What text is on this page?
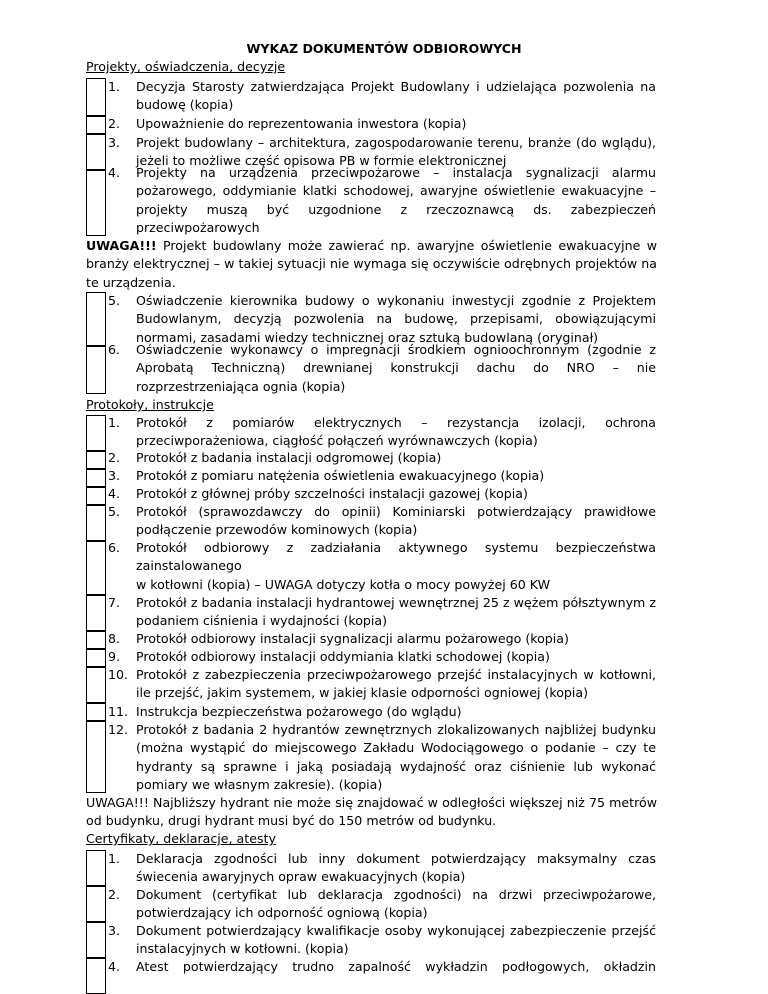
WYKAZ DOKUMENTÓW ODBIOROWYCH
Projekty, oświadczenia, decyzje
1.	Decyzja Starosty zatwierdzająca Projekt Budowlany i udzielająca pozwolenia na budowę (kopia)
2.	Upoważnienie do reprezentowania inwestora (kopia)
3.	Projekt budowlany – architektura, zagospodarowanie terenu, branże (do wglądu), jeżeli to możliwe część opisowa PB w formie elektronicznej
4.	Projekty na urządzenia przeciwpożarowe – instalacja sygnalizacji alarmu pożarowego, oddymianie klatki schodowej, awaryjne oświetlenie ewakuacyjne – projekty muszą być uzgodnione z rzeczoznawcą ds. zabezpieczeń przeciwpożarowych
UWAGA!!! Projekt budowlany może zawierać np. awaryjne oświetlenie ewakuacyjne w branży elektrycznej – w takiej sytuacji nie wymaga się oczywiście odrębnych projektów na te urządzenia.
5.	Oświadczenie kierownika budowy o wykonaniu inwestycji zgodnie z Projektem Budowlanym, decyzją pozwolenia na budowę, przepisami, obowiązującymi normami, zasadami wiedzy technicznej oraz sztuką budowlaną (oryginał)
6.	Oświadczenie wykonawcy o impregnacji środkiem ognioochronnym (zgodnie z Aprobatą Techniczną) drewnianej konstrukcji dachu do NRO – nie rozprzestrzeniająca ognia (kopia)
Protokoły, instrukcje
1.	Protokół z pomiarów elektrycznych – rezystancja izolacji, ochrona przeciwporażeniowa, ciągłość połączeń wyrównawczych (kopia)
2.	Protokół z badania instalacji odgromowej (kopia)
3.	Protokół z pomiaru natężenia oświetlenia ewakuacyjnego (kopia)
4.	Protokół z głównej próby szczelności instalacji gazowej (kopia)
5.	Protokół (sprawozdawczy do opinii) Kominiarski potwierdzający prawidłowe podłączenie przewodów kominowych (kopia)
6.	Protokół odbiorowy z zadziałania aktywnego systemu bezpieczeństwa zainstalowanego
w kotłowni (kopia) – UWAGA dotyczy kotła o mocy powyżej 60 KW
7.	Protokół z badania instalacji hydrantowej wewnętrznej 25 z wężem półsztywnym z podaniem ciśnienia i wydajności (kopia)
8.	Protokół odbiorowy instalacji sygnalizacji alarmu pożarowego (kopia)
9.	Protokół odbiorowy instalacji oddymiania klatki schodowej (kopia)
10. Protokół z zabezpieczenia przeciwpożarowego przejść instalacyjnych w kotłowni, ile przejść, jakim systemem, w jakiej klasie odporności ogniowej (kopia)
11. Instrukcja bezpieczeństwa pożarowego (do wglądu)
12. Protokół z badania 2 hydrantów zewnętrznych zlokalizowanych najbliżej budynku (można wystąpić do miejscowego Zakładu Wodociągowego o podanie – czy te hydranty są sprawne i jaką posiadają wydajność oraz ciśnienie lub wykonać pomiary we własnym zakresie). (kopia)
UWAGA!!! Najbliższy hydrant nie może się znajdować w odległości większej niż 75 metrów od budynku, drugi hydrant musi być do 150 metrów od budynku.
Certyfikaty, deklaracje, atesty
1.	Deklaracja zgodności lub inny dokument potwierdzający maksymalny czas świecenia awaryjnych opraw ewakuacyjnych (kopia)
2.	Dokument (certyfikat lub deklaracja zgodności) na drzwi przeciwpożarowe, potwierdzający ich odporność ogniową (kopia)
3.	Dokument potwierdzający kwalifikacje osoby wykonującej zabezpieczenie przejść instalacyjnych w kotłowni. (kopia)
4.	Atest potwierdzający trudno zapalność wykładzin podłogowych, okładzin
